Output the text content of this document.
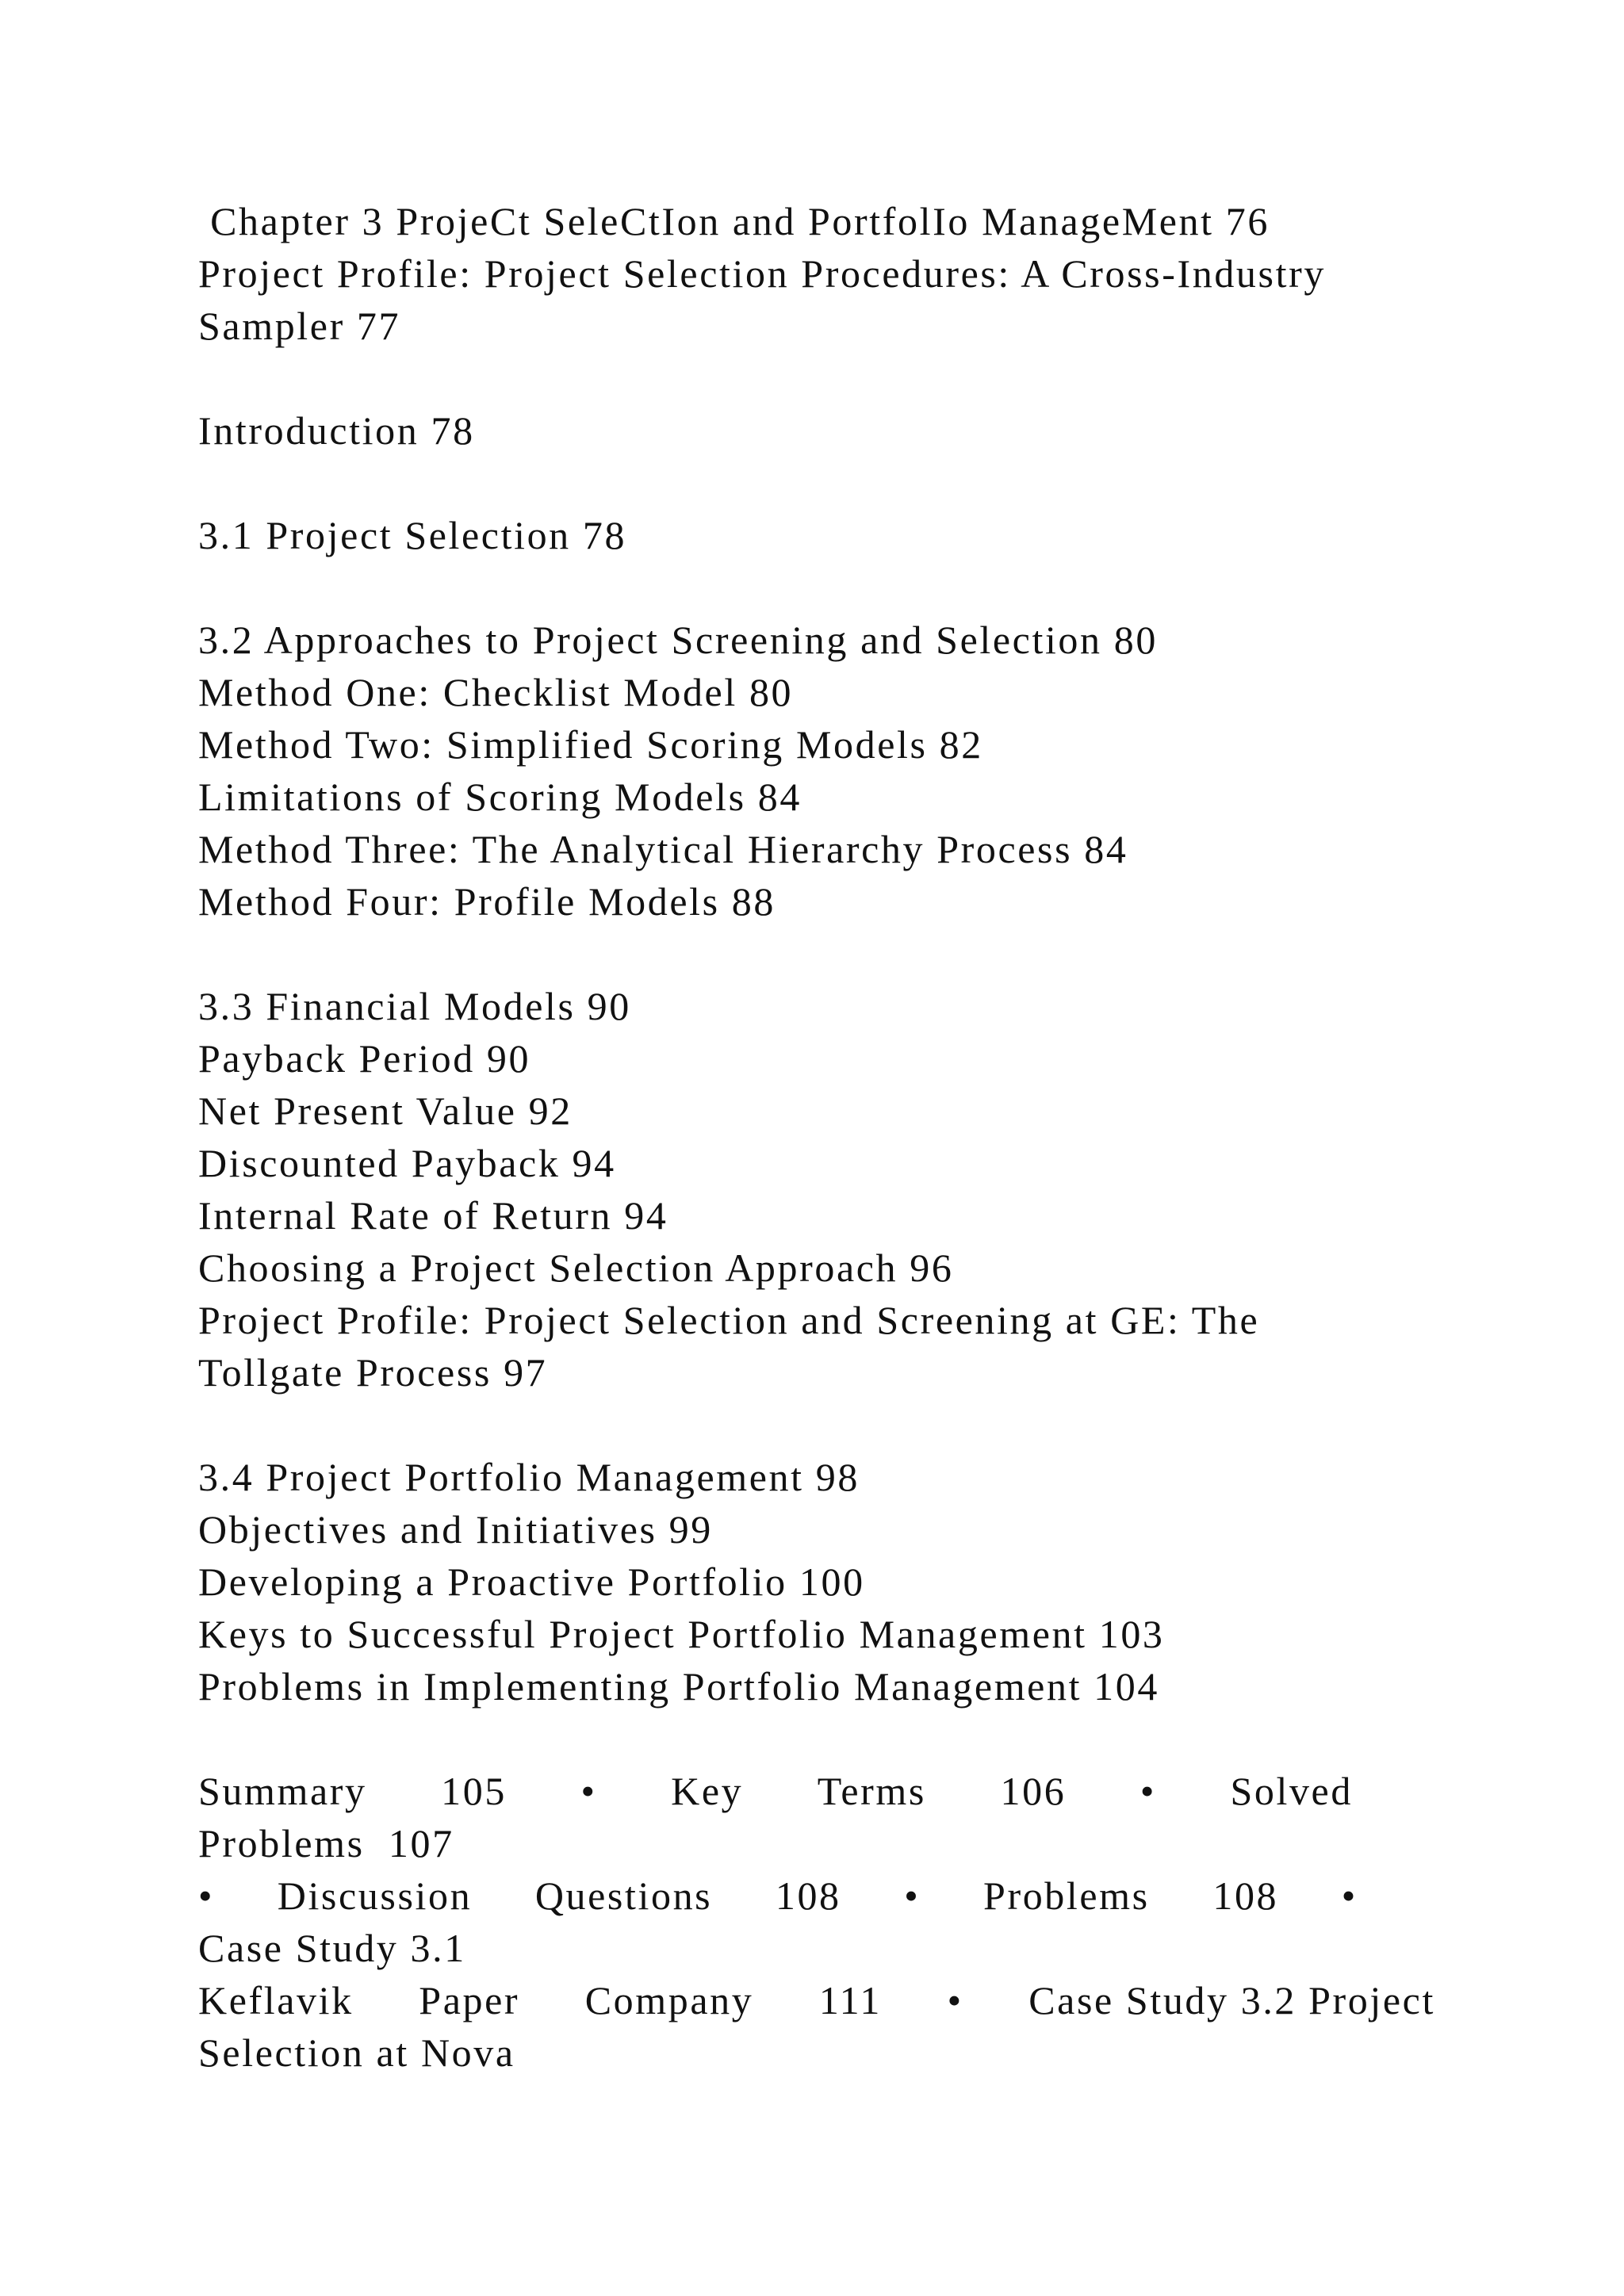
Chapter 3 ProjeCt SeleCtIon and PortfolIo ManageMent 76
Project Profile: Project Selection Procedures: A Cross-Industry
Sampler 77
Introduction 78
3.1 Project Selection 78
3.2 Approaches to Project Screening and Selection 80
Method One: Checklist Model 80
Method Two: Simplified Scoring Models 82
Limitations of Scoring Models 84
Method Three: The Analytical Hierarchy Process 84
Method Four: Profile Models 88
3.3 Financial Models 90
Payback Period 90
Net Present Value 92
Discounted Payback 94
Internal Rate of Return 94
Choosing a Project Selection Approach 96
Project Profile: Project Selection and Screening at GE: The
Tollgate Process 97
3.4 Project Portfolio Management 98
Objectives and Initiatives 99
Developing a Proactive Portfolio 100
Keys to Successful Project Portfolio Management 103
Problems in Implementing Portfolio Management 104
Summary 105 • Key Terms 106 • Solved
Problems  107
• Discussion Questions 108 • Problems 108 •
Case Study 3.1
Keflavik Paper Company 111 • Case Study 3.2 Project
Selection at Nova
